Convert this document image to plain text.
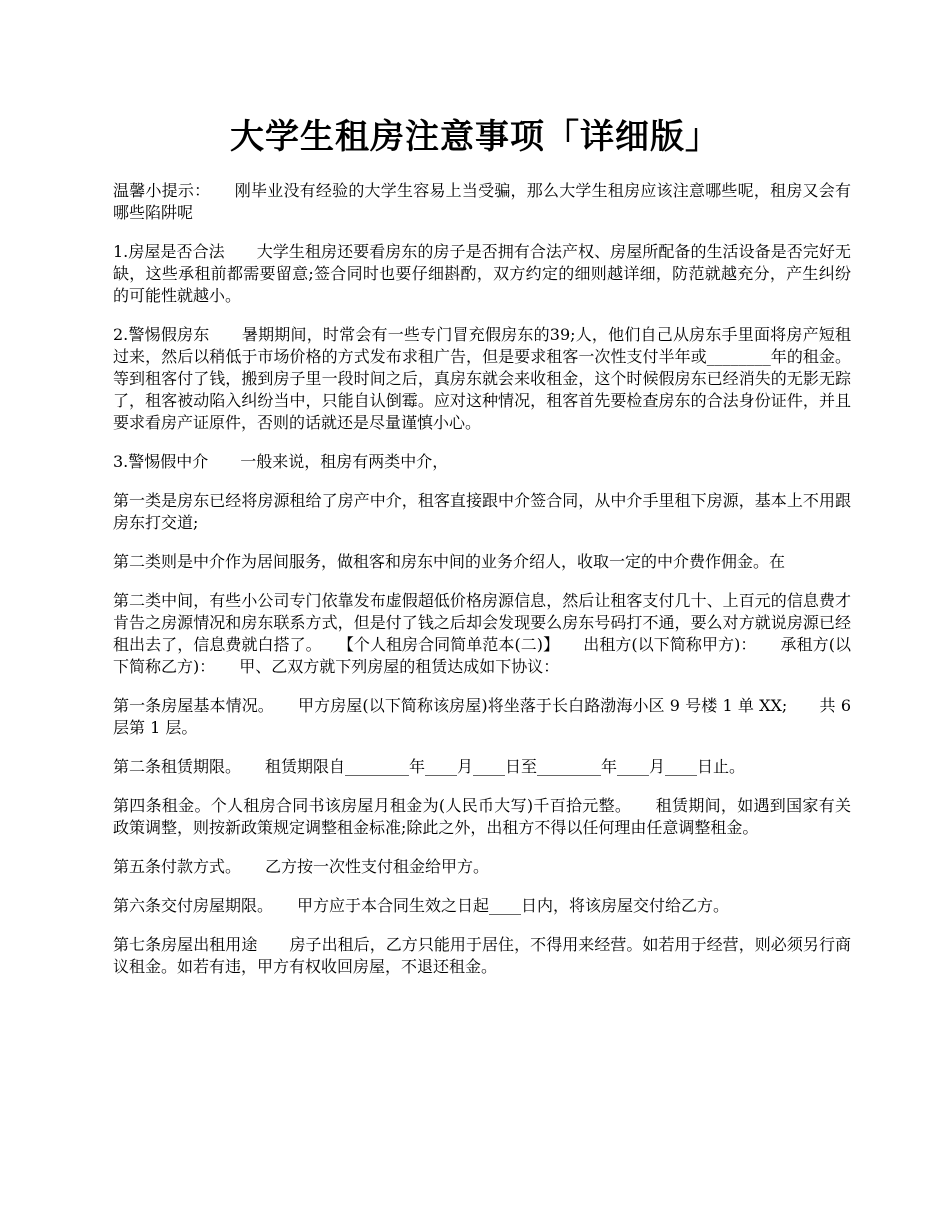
大学生租房注意事项「详细版」

温馨小提示：　　刚毕业没有经验的大学生容易上当受骗，那么大学生租房应该注意哪些呢，租房又会有哪些陷阱呢

1.房屋是否合法　　大学生租房还要看房东的房子是否拥有合法产权、房屋所配备的生活设备是否完好无缺，这些承租前都需要留意;签合同时也要仔细斟酌，双方约定的细则越详细，防范就越充分，产生纠纷的可能性就越小。

2.警惕假房东　　暑期期间，时常会有一些专门冒充假房东的39;人，他们自己从房东手里面将房产短租过来，然后以稍低于市场价格的方式发布求租广告，但是要求租客一次性支付半年或________年的租金。等到租客付了钱，搬到房子里一段时间之后，真房东就会来收租金，这个时候假房东已经消失的无影无踪了，租客被动陷入纠纷当中，只能自认倒霉。应对这种情况，租客首先要检查房东的合法身份证件，并且要求看房产证原件，否则的话就还是尽量谨慎小心。

3.警惕假中介　　一般来说，租房有两类中介，

第一类是房东已经将房源租给了房产中介，租客直接跟中介签合同，从中介手里租下房源，基本上不用跟房东打交道;

第二类则是中介作为居间服务，做租客和房东中间的业务介绍人，收取一定的中介费作佣金。在

第二类中间，有些小公司专门依靠发布虚假超低价格房源信息，然后让租客支付几十、上百元的信息费才肯告之房源情况和房东联系方式，但是付了钱之后却会发现要么房东号码打不通，要么对方就说房源已经租出去了，信息费就白搭了。　　【个人租房合同简单范本(二)】　　出租方(以下简称甲方)：　　承租方(以下简称乙方)：　　甲、乙双方就下列房屋的租赁达成如下协议：

第一条房屋基本情况。　　甲方房屋(以下简称该房屋)将坐落于长白路渤海小区 9 号楼 1 单 XX;　　共 6 层第 1 层。

第二条租赁期限。　　租赁期限自________年____月____日至________年____月____日止。

第四条租金。个人租房合同书该房屋月租金为(人民币大写)千百拾元整。　　租赁期间，如遇到国家有关政策调整，则按新政策规定调整租金标准;除此之外，出租方不得以任何理由任意调整租金。

第五条付款方式。　　乙方按一次性支付租金给甲方。

第六条交付房屋期限。　　甲方应于本合同生效之日起____日内，将该房屋交付给乙方。

第七条房屋出租用途　　房子出租后，乙方只能用于居住，不得用来经营。如若用于经营，则必须另行商议租金。如若有违，甲方有权收回房屋，不退还租金。
